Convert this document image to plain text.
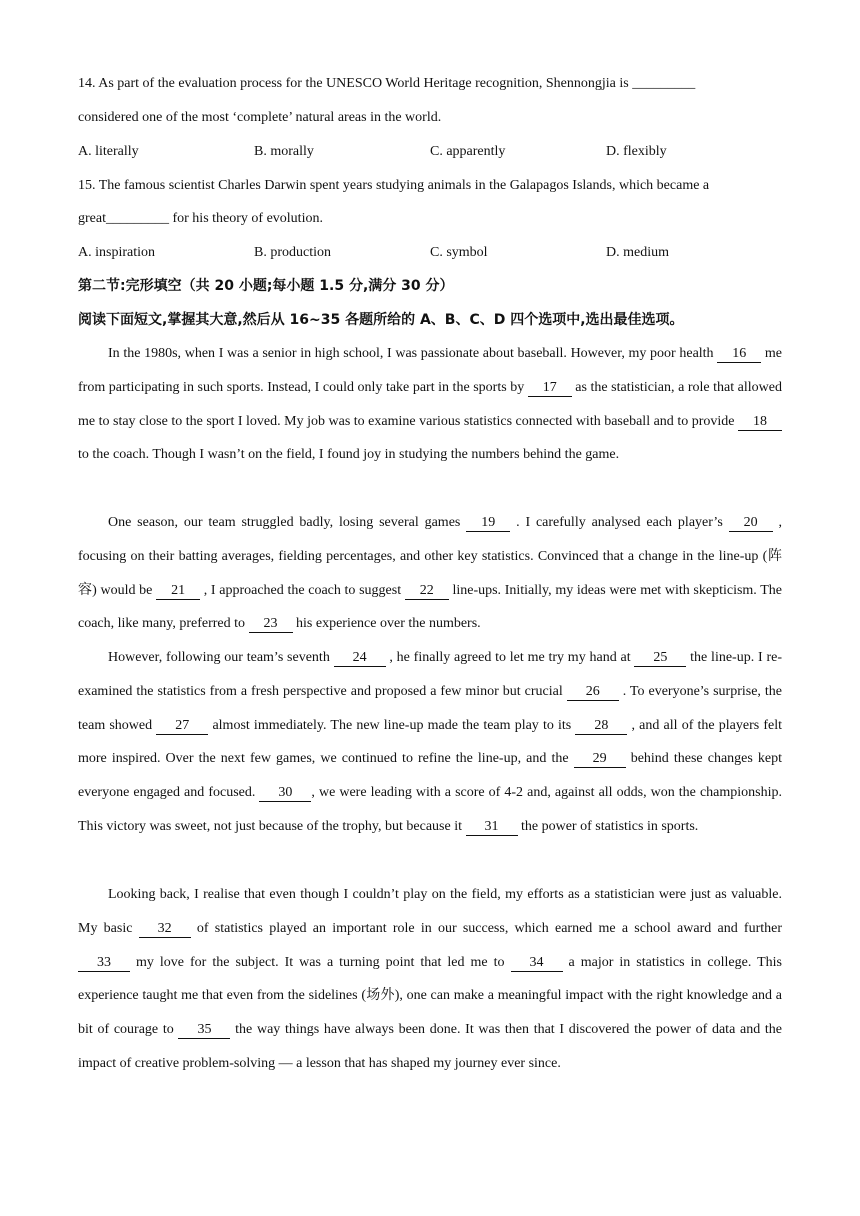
14. As part of the evaluation process for the UNESCO World Heritage recognition, Shennongjia is _________
considered one of the most ‘complete’ natural areas in the world.
A. literally	B. morally	C. apparently	D. flexibly
15. The famous scientist Charles Darwin spent years studying animals in the Galapagos Islands, which became a
great_________ for his theory of evolution.
A. inspiration	B. production	C. symbol	D. medium
第二节:完形填空（共 20 小题;每小题 1.5 分,满分 30 分）
阅读下面短文,掌握其大意,然后从 16~35 各题所给的 A、B、C、D 四个选项中,选出最佳选项。
In the 1980s, when I was a senior in high school, I was passionate about baseball. However, my poor health 16 me from participating in such sports. Instead, I could only take part in the sports by 17 as the statistician, a role that allowed me to stay close to the sport I loved. My job was to examine various statistics connected with baseball and to provide 18 to the coach. Though I wasn’t on the field, I found joy in studying the numbers behind the game.
One season, our team struggled badly, losing several games 19 . I carefully analysed each player’s 20 , focusing on their batting averages, fielding percentages, and other key statistics. Convinced that a change in the line-up (阵容) would be 21 , I approached the coach to suggest 22 line-ups. Initially, my ideas were met with skepticism. The coach, like many, preferred to 23 his experience over the numbers.
However, following our team’s seventh 24 , he finally agreed to let me try my hand at 25 the line-up. I re-examined the statistics from a fresh perspective and proposed a few minor but crucial 26 . To everyone’s surprise, the team showed 27 almost immediately. The new line-up made the team play to its 28 , and all of the players felt more inspired. Over the next few games, we continued to refine the line-up, and the 29 behind these changes kept everyone engaged and focused. 30 , we were leading with a score of 4-2 and, against all odds, won the championship. This victory was sweet, not just because of the trophy, but because it 31 the power of statistics in sports.
Looking back, I realise that even though I couldn’t play on the field, my efforts as a statistician were just as valuable. My basic 32 of statistics played an important role in our success, which earned me a school award and further 33 my love for the subject. It was a turning point that led me to 34 a major in statistics in college. This experience taught me that even from the sidelines (场外), one can make a meaningful impact with the right knowledge and a bit of courage to 35 the way things have always been done. It was then that I discovered the power of data and the impact of creative problem-solving — a lesson that has shaped my journey ever since.
